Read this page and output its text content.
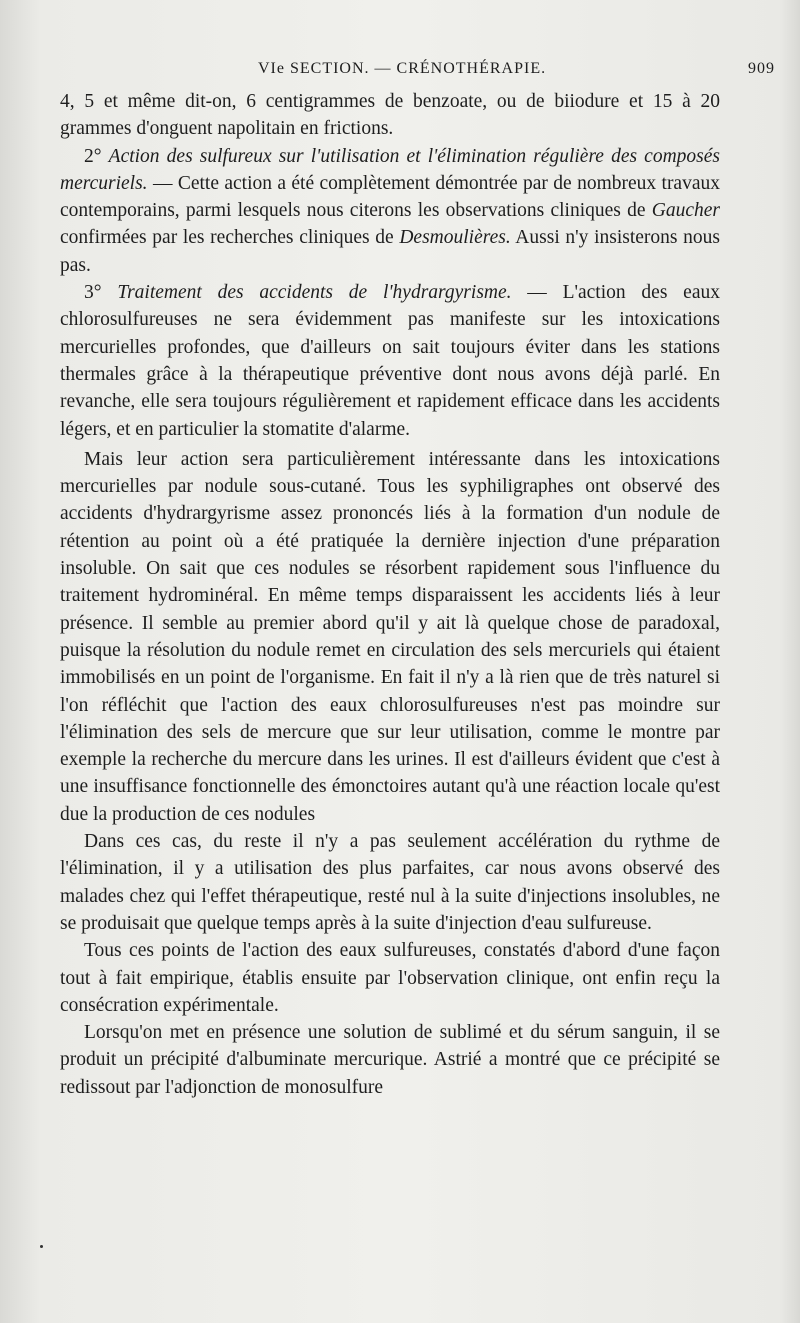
VIe SECTION. — CRÉNOTHÉRAPIE.	909

4, 5 et même dit-on, 6 centigrammes de benzoate, ou de biiodure et 15 à 20 grammes d'onguent napolitain en frictions.

2° Action des sulfureux sur l'utilisation et l'élimination régulière des composés mercuriels. — Cette action a été complètement démontrée par de nombreux travaux contemporains, parmi lesquels nous citerons les observations cliniques de Gaucher confirmées par les recherches cliniques de Desmoulières. Aussi n'y insisterons nous pas.

3° Traitement des accidents de l'hydrargyrisme. — L'action des eaux chlorosulfureuses ne sera évidemment pas manifeste sur les intoxications mercurielles profondes, que d'ailleurs on sait toujours éviter dans les stations thermales grâce à la thérapeutique préventive dont nous avons déjà parlé. En revanche, elle sera toujours régulièrement et rapidement efficace dans les accidents légers, et en particulier la stomatite d'alarme.

Mais leur action sera particulièrement intéressante dans les intoxications mercurielles par nodule sous-cutané. Tous les syphiligraphes ont observé des accidents d'hydrargyrisme assez prononcés liés à la formation d'un nodule de rétention au point où a été pratiquée la dernière injection d'une préparation insoluble. On sait que ces nodules se résorbent rapidement sous l'influence du traitement hydrominéral. En même temps disparaissent les accidents liés à leur présence. Il semble au premier abord qu'il y ait là quelque chose de paradoxal, puisque la résolution du nodule remet en circulation des sels mercuriels qui étaient immobilisés en un point de l'organisme. En fait il n'y a là rien que de très naturel si l'on réfléchit que l'action des eaux chlorosulfureuses n'est pas moindre sur l'élimination des sels de mercure que sur leur utilisation, comme le montre par exemple la recherche du mercure dans les urines. Il est d'ailleurs évident que c'est à une insuffisance fonctionnelle des émonctoires autant qu'à une réaction locale qu'est due la production de ces nodules

Dans ces cas, du reste il n'y a pas seulement accélération du rythme de l'élimination, il y a utilisation des plus parfaites, car nous avons observé des malades chez qui l'effet thérapeutique, resté nul à la suite d'injections insolubles, ne se produisait que quelque temps après à la suite d'injection d'eau sulfureuse.

Tous ces points de l'action des eaux sulfureuses, constatés d'abord d'une façon tout à fait empirique, établis ensuite par l'observation clinique, ont enfin reçu la consécration expérimentale.

Lorsqu'on met en présence une solution de sublimé et du sérum sanguin, il se produit un précipité d'albuminate mercurique. Astrié a montré que ce précipité se redissout par l'adjonction de monosulfure
